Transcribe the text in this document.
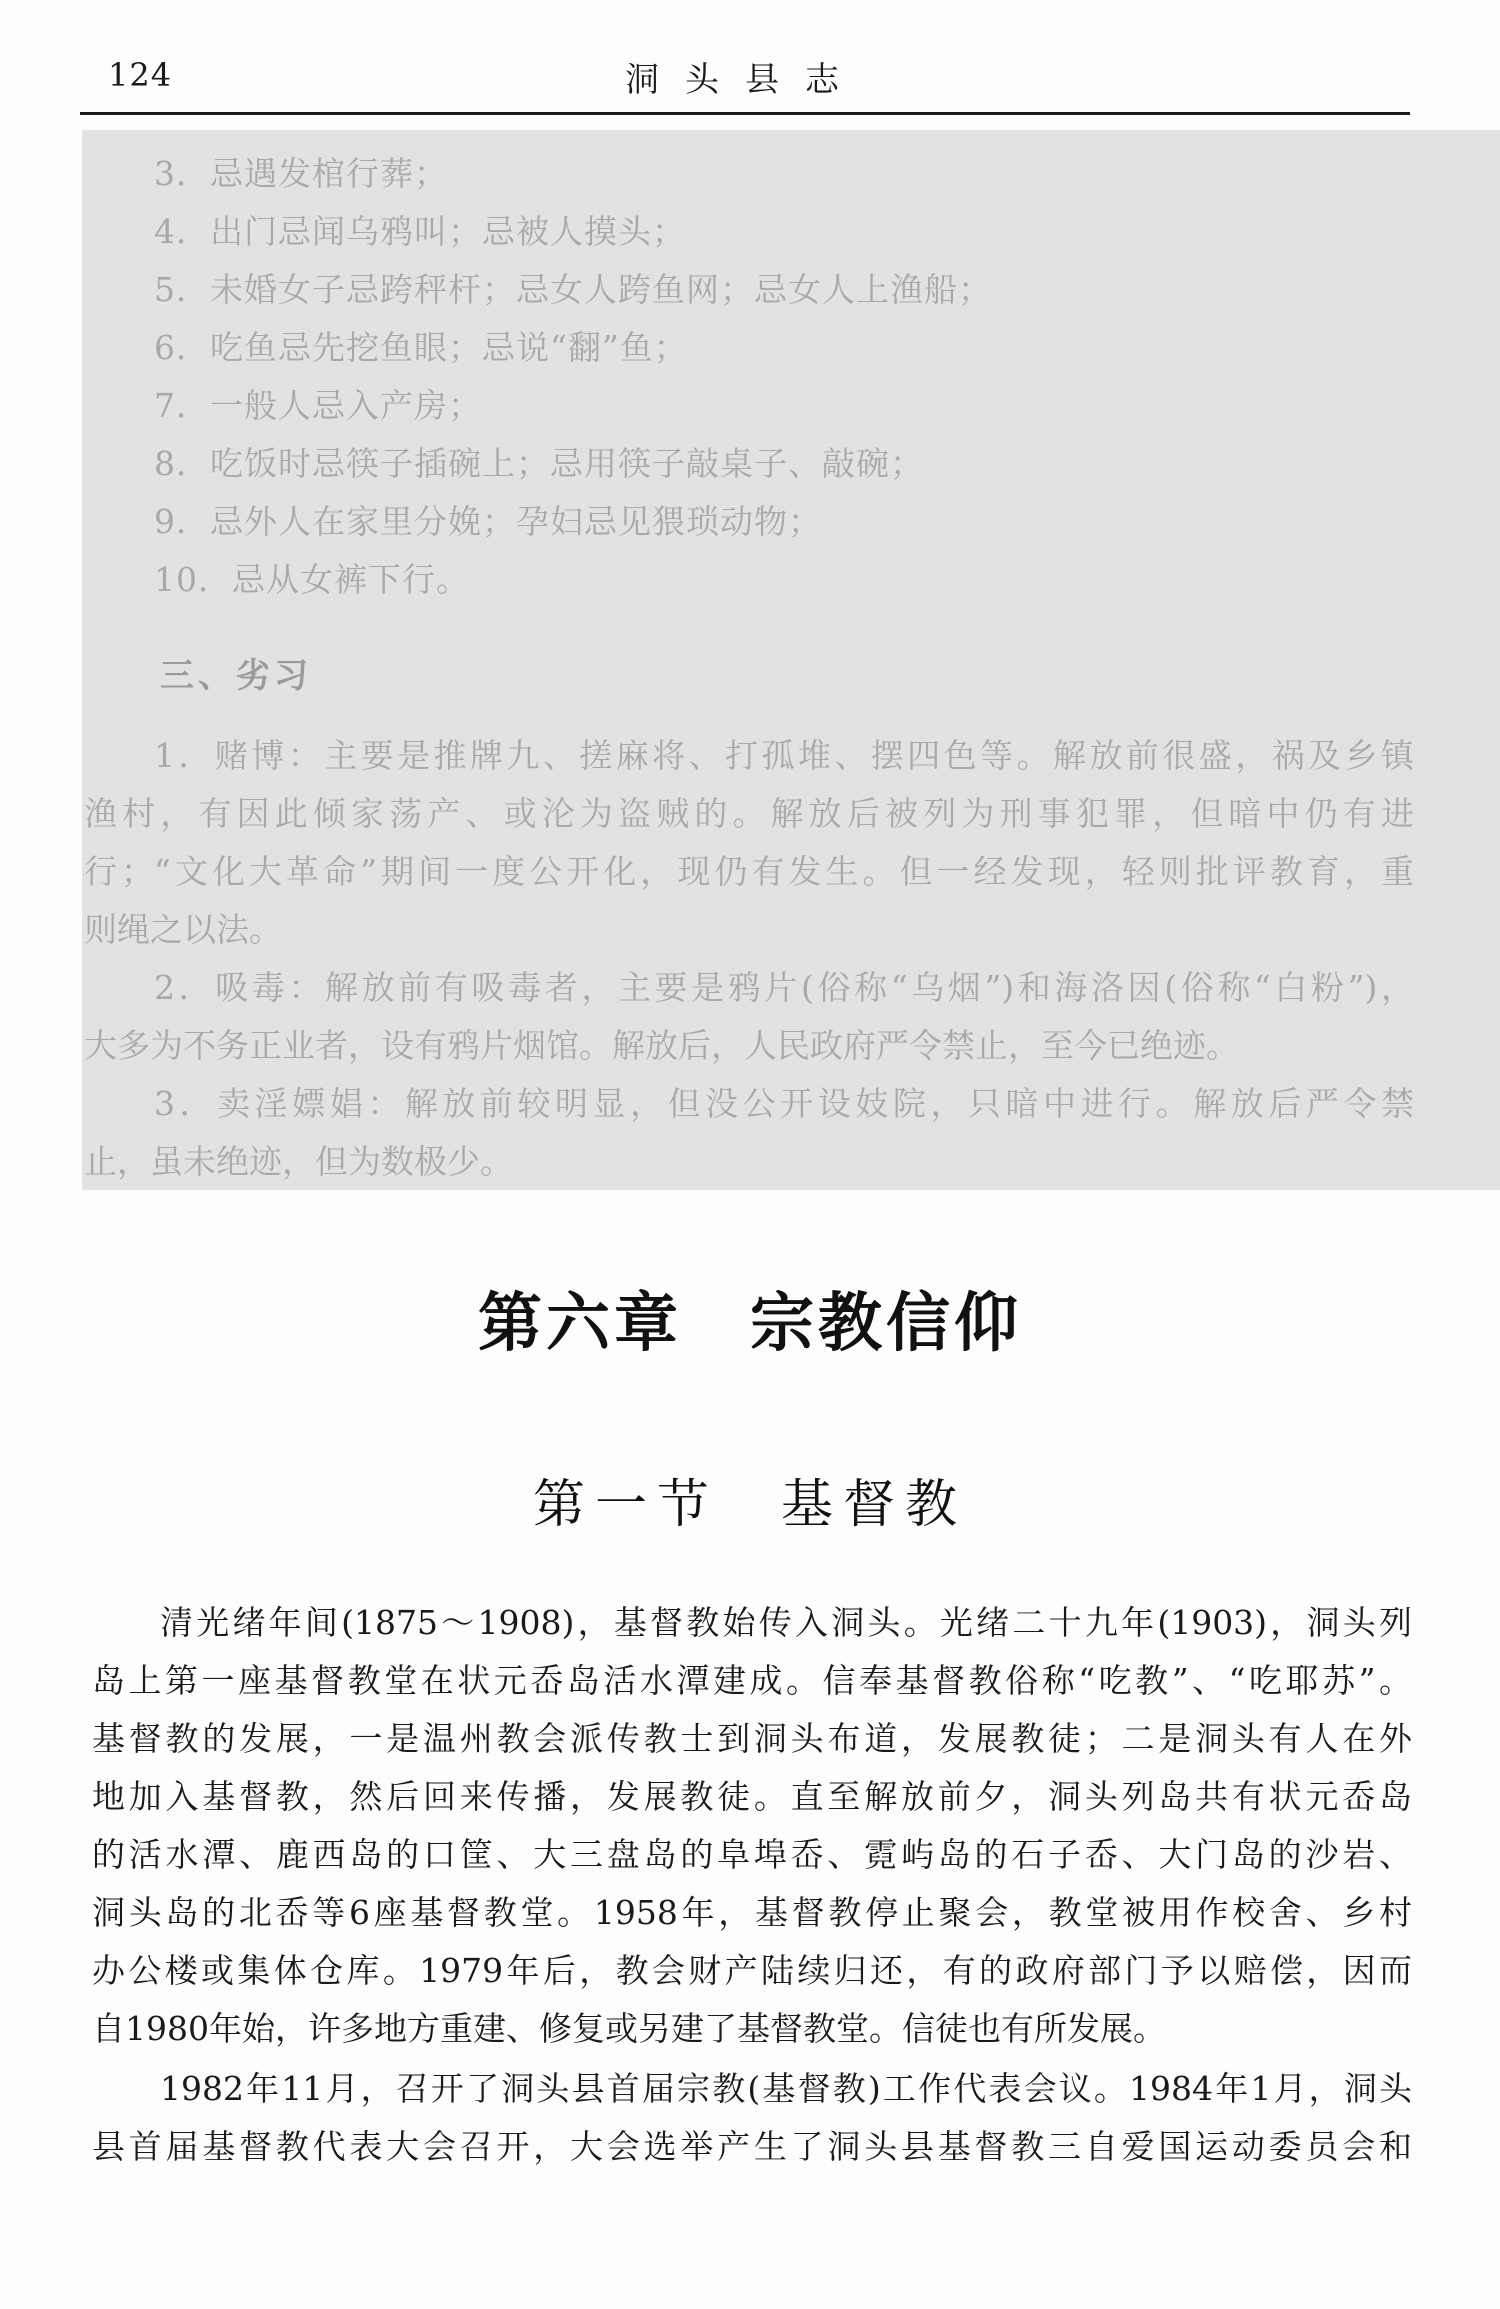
124	洞头县志
3．忌遇发棺行葬；
4．出门忌闻乌鸦叫；忌被人摸头；
5．未婚女子忌跨秤杆；忌女人跨鱼网；忌女人上渔船；
6．吃鱼忌先挖鱼眼；忌说“翻”鱼；
7．一般人忌入产房；
8．吃饭时忌筷子插碗上；忌用筷子敲桌子、敲碗；
9．忌外人在家里分娩；孕妇忌见猥琐动物；
10．忌从女裤下行。
三、劣习
1．赌博：主要是推牌九、搓麻将、打孤堆、摆四色等。解放前很盛，祸及乡镇
渔村，有因此倾家荡产、或沦为盗贼的。解放后被列为刑事犯罪，但暗中仍有进
行；“文化大革命”期间一度公开化，现仍有发生。但一经发现，轻则批评教育，重
则绳之以法。
2．吸毒：解放前有吸毒者，主要是鸦片(俗称“乌烟”)和海洛因(俗称“白粉”)，
大多为不务正业者，设有鸦片烟馆。解放后，人民政府严令禁止，至今已绝迹。
3．卖淫嫖娼：解放前较明显，但没公开设妓院，只暗中进行。解放后严令禁
止，虽未绝迹，但为数极少。
第六章　宗教信仰
第一节　基督教
清光绪年间(1875～1908)，基督教始传入洞头。光绪二十九年(1903)，洞头列
岛上第一座基督教堂在状元岙岛活水潭建成。信奉基督教俗称“吃教”、“吃耶苏”。
基督教的发展，一是温州教会派传教士到洞头布道，发展教徒；二是洞头有人在外
地加入基督教，然后回来传播，发展教徒。直至解放前夕，洞头列岛共有状元岙岛
的活水潭、鹿西岛的口筐、大三盘岛的阜埠岙、霓屿岛的石子岙、大门岛的沙岩、
洞头岛的北岙等6座基督教堂。1958年，基督教停止聚会，教堂被用作校舍、乡村
办公楼或集体仓库。1979年后，教会财产陆续归还，有的政府部门予以赔偿，因而
自1980年始，许多地方重建、修复或另建了基督教堂。信徒也有所发展。
1982年11月，召开了洞头县首届宗教(基督教)工作代表会议。1984年1月，洞头
县首届基督教代表大会召开，大会选举产生了洞头县基督教三自爱国运动委员会和
